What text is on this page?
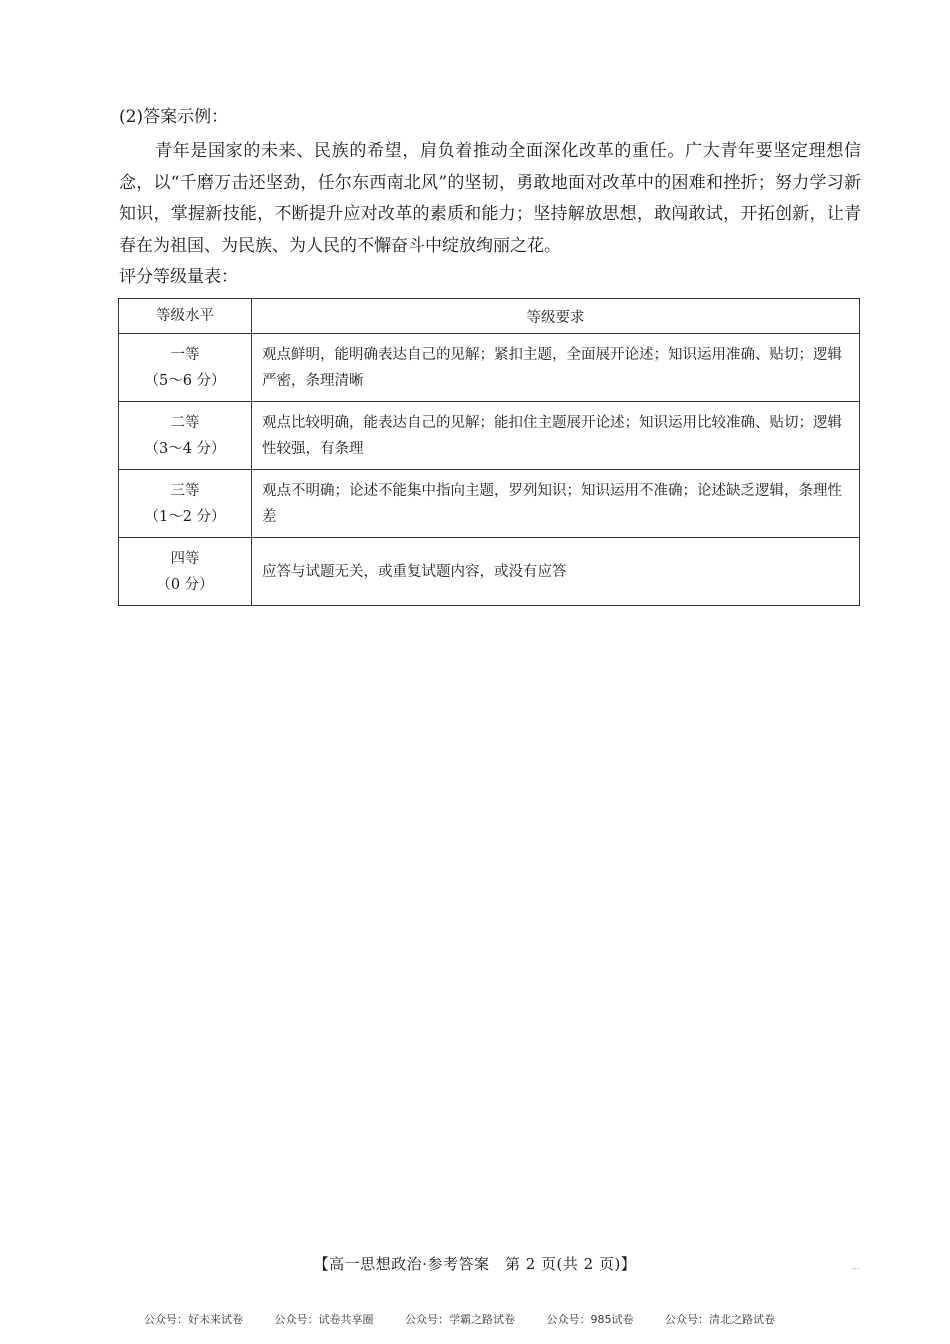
(2)答案示例：

青年是国家的未来、民族的希望，肩负着推动全面深化改革的重任。广大青年要坚定理想信念，以“千磨万击还坚劲，任尔东西南北风”的坚韧，勇敢地面对改革中的困难和挫折；努力学习新知识，掌握新技能，不断提升应对改革的素质和能力；坚持解放思想，敢闯敢试，开拓创新，让青春在为祖国、为民族、为人民的不懈奋斗中绽放绚丽之花。

评分等级量表：
等级水平	等级要求

一等
（5～6 分）	观点鲜明，能明确表达自己的见解；紧扣主题，全面展开论述；知识运用准确、贴切；逻辑严密，条理清晰

二等
（3～4 分）	观点比较明确，能表达自己的见解；能扣住主题展开论述；知识运用比较准确、贴切；逻辑性较强，有条理

三等
（1～2 分）	观点不明确；论述不能集中指向主题，罗列知识；知识运用不准确；论述缺乏逻辑，条理性差

四等
（0 分）	应答与试题无关，或重复试题内容，或没有应答
【高一思想政治·参考答案　第 2 页(共 2 页)】	...
公众号：好未来试卷	公众号：试卷共享圈	公众号：学霸之路试卷	公众号：985试卷	公众号：清北之路试卷
